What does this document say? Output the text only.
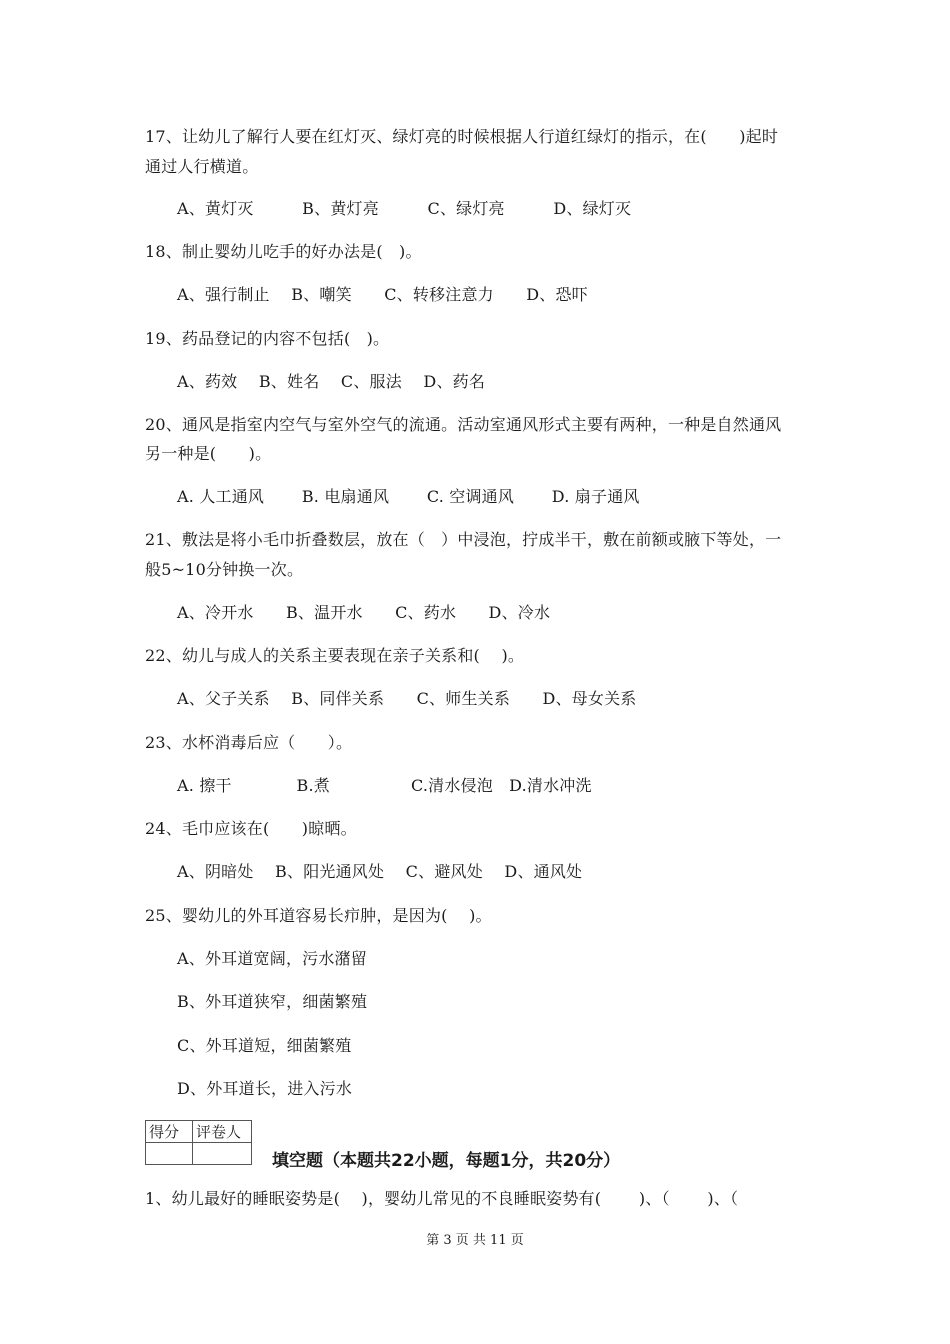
17、让幼儿了解行人要在红灯灭、绿灯亮的时候根据人行道红绿灯的指示，在(　　)起时
通过人行横道。
A、黄灯灭　　　B、黄灯亮　　　C、绿灯亮　　　D、绿灯灭
18、制止婴幼儿吃手的好办法是(　)。
A、强行制止　 B、嘲笑　　C、转移注意力　　D、恐吓
19、药品登记的内容不包括(　)。
A、药效　 B、姓名　 C、服法　 D、药名
20、通风是指室内空气与室外空气的流通。活动室通风形式主要有两种，一种是自然通风
另一种是(　　)。
A. 人工通风　　 B. 电扇通风　　 C. 空调通风　　 D. 扇子通风
21、敷法是将小毛巾折叠数层，放在（　）中浸泡，拧成半干，敷在前额或腋下等处，一
般5~10分钟换一次。
A、冷开水　　B、温开水　　C、药水　　D、冷水
22、幼儿与成人的关系主要表现在亲子关系和(　 )。
A、父子关系　 B、同伴关系　　C、师生关系　　D、母女关系
23、水杯消毒后应（　　）。
A. 擦干　　　　B.煮　　　　　C.清水侵泡　D.清水冲洗
24、毛巾应该在(　　)晾晒。
A、阴暗处　 B、阳光通风处　 C、避风处　 D、通风处
25、婴幼儿的外耳道容易长疖肿，是因为(　 )。
A、外耳道宽阔，污水潴留
B、外耳道狭窄，细菌繁殖
C、外耳道短，细菌繁殖
D、外耳道长，进入污水
得分	评卷人

填空题（本题共22小题，每题1分，共20分）
1、幼儿最好的睡眠姿势是(　 )，婴幼儿常见的不良睡眠姿势有(　　 )、（　　 )、（
第 3 页 共 11 页
